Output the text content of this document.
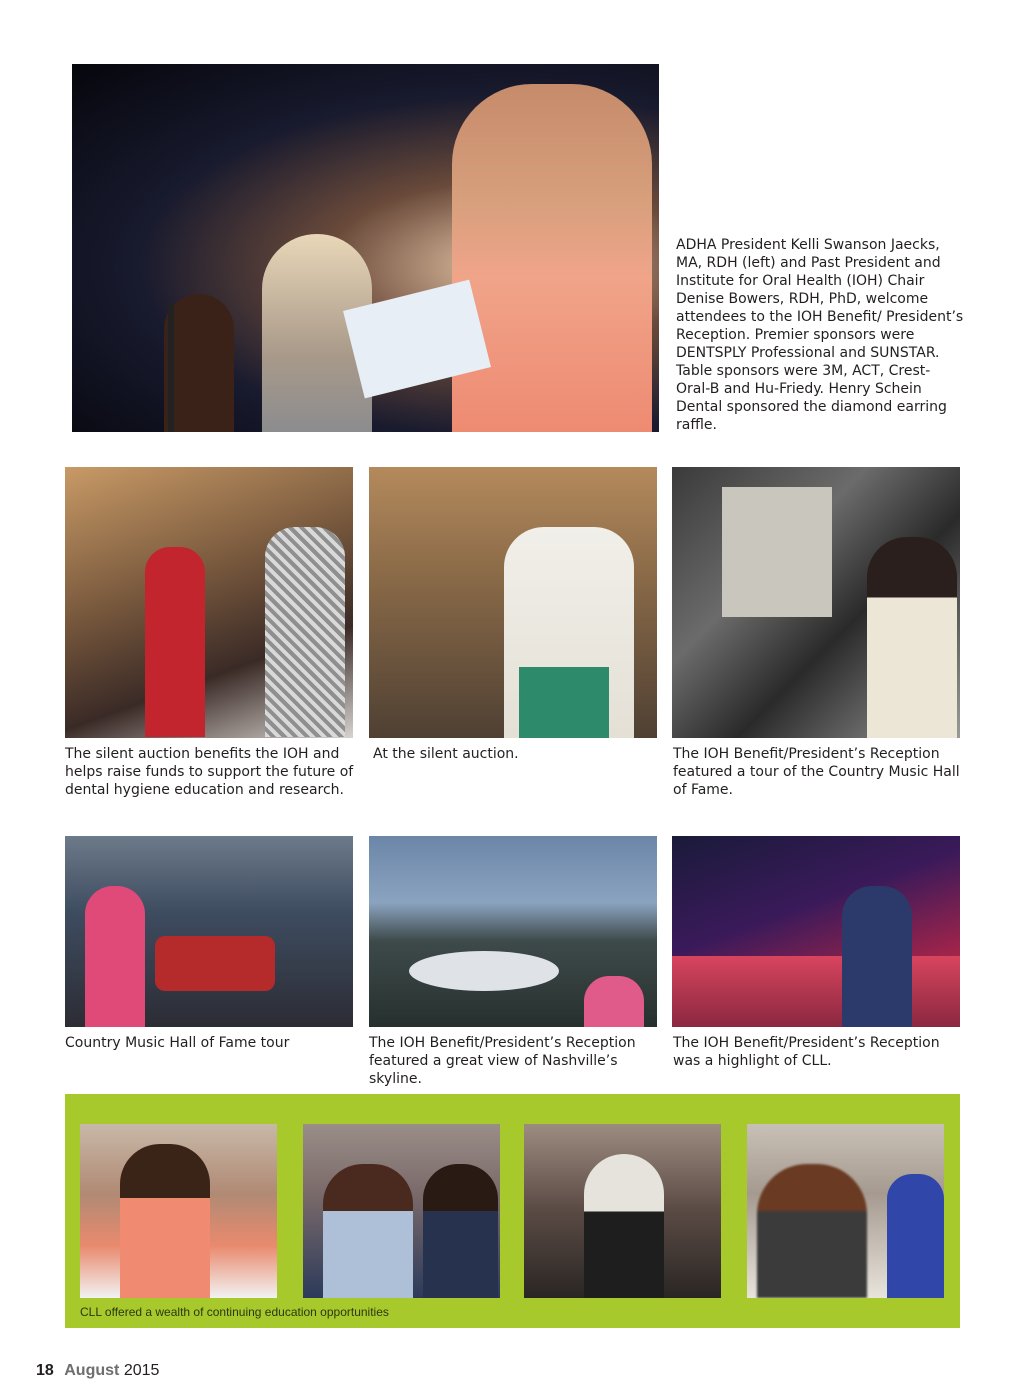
ADHA President Kelli Swanson Jaecks, MA, RDH (left) and Past President and Institute for Oral Health (IOH) Chair Denise Bowers, RDH, PhD, welcome attendees to the IOH Benefit/ President’s Reception. Premier sponsors were DENTSPLY Professional and SUNSTAR. Table sponsors were 3M, ACT, Crest- Oral-B and Hu-Friedy. Henry Schein Dental sponsored the diamond earring raffle.

The silent auction benefits the IOH and helps raise funds to support the future of dental hygiene education and research.

At the silent auction.	The IOH Benefit/President’s Reception featured a tour of the Country Music Hall of Fame.

Country Music Hall of Fame tour	The IOH Benefit/President’s Reception featured a great view of Nashville’s skyline.

The IOH Benefit/President’s Reception was a highlight of CLL.

CLL offered a wealth of continuing education opportunities
18 August 2015
